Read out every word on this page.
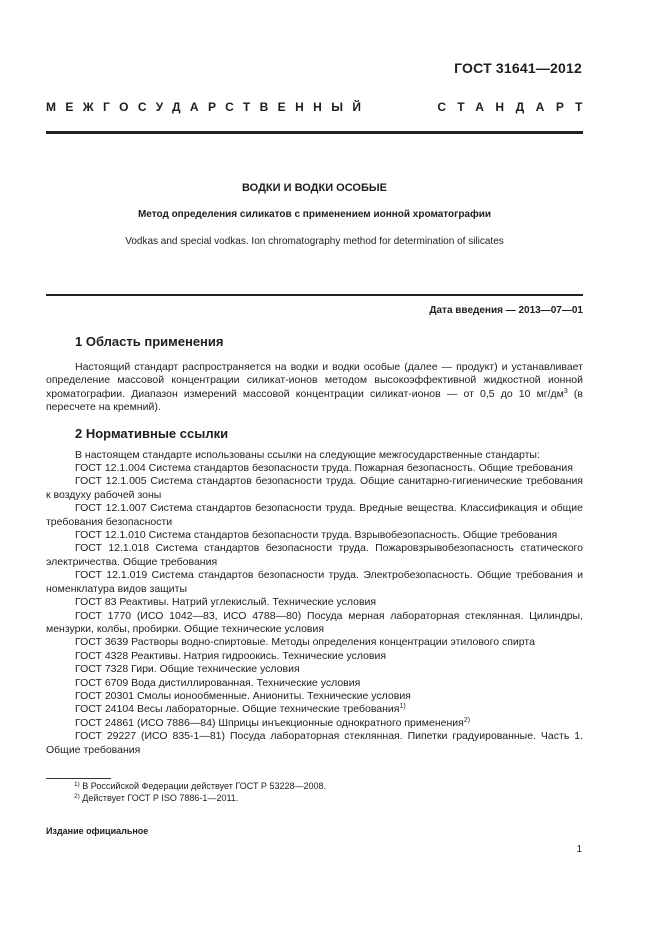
ГОСТ 31641—2012
МЕЖГОСУДАРСТВЕННЫЙ	СТАНДАРТ
ВОДКИ И ВОДКИ ОСОБЫЕ
Метод определения силикатов с применением ионной хроматографии
Vodkas and special vodkas. Ion chromatography method for determination of silicates
Дата введения — 2013—07—01
1 Область применения

Настоящий стандарт распространяется на водки и водки особые (далее — продукт) и устанавливает определение массовой концентрации силикат-ионов методом высокоэффективной жидкостной ионной хроматографии. Диапазон измерений массовой концентрации силикат-ионов — от 0,5 до 10 $мг/дм^3$ (в пересчете на кремний).

2 Нормативные ссылки

В настоящем стандарте использованы ссылки на следующие межгосударственные стандарты:

ГОСТ 12.1.004 Система стандартов безопасности труда. Пожарная безопасность. Общие требования

ГОСТ 12.1.005 Система стандартов безопасности труда. Общие санитарно-гигиенические требования к воздуху рабочей зоны

ГОСТ 12.1.007 Система стандартов безопасности труда. Вредные вещества. Классификация и общие требования безопасности

ГОСТ 12.1.010 Система стандартов безопасности труда. Взрывобезопасность. Общие требования

ГОСТ 12.1.018 Система стандартов безопасности труда. Пожаровзрывобезопасность статического электричества. Общие требования

ГОСТ 12.1.019 Система стандартов безопасности труда. Электробезопасность. Общие требования и номенклатура видов защиты

ГОСТ 83 Реактивы. Натрий углекислый. Технические условия

ГОСТ 1770 (ИСО 1042—83, ИСО 4788—80) Посуда мерная лабораторная стеклянная. Цилиндры, мензурки, колбы, пробирки. Общие технические условия

ГОСТ 3639 Растворы водно-спиртовые. Методы определения концентрации этилового спирта

ГОСТ 4328 Реактивы. Натрия гидроокись. Технические условия

ГОСТ 7328 Гири. Общие технические условия

ГОСТ 6709 Вода дистиллированная. Технические условия

ГОСТ 20301 Смолы ионообменные. Аниониты. Технические условия

ГОСТ 24104 Весы лабораторные. Общие технические требования$^{1)}$

ГОСТ 24861 (ИСО 7886—84) Шприцы инъекционные однократного применения$^{2)}$

ГОСТ 29227 (ИСО 835-1—81) Посуда лабораторная стеклянная. Пипетки градуированные. Часть 1. Общие требования

$^{1)}$ В Российской Федерации действует ГОСТ Р 53228—2008.
$^{2)}$ Действует ГОСТ Р ISO 7886-1—2011.
Издание официальное
1
